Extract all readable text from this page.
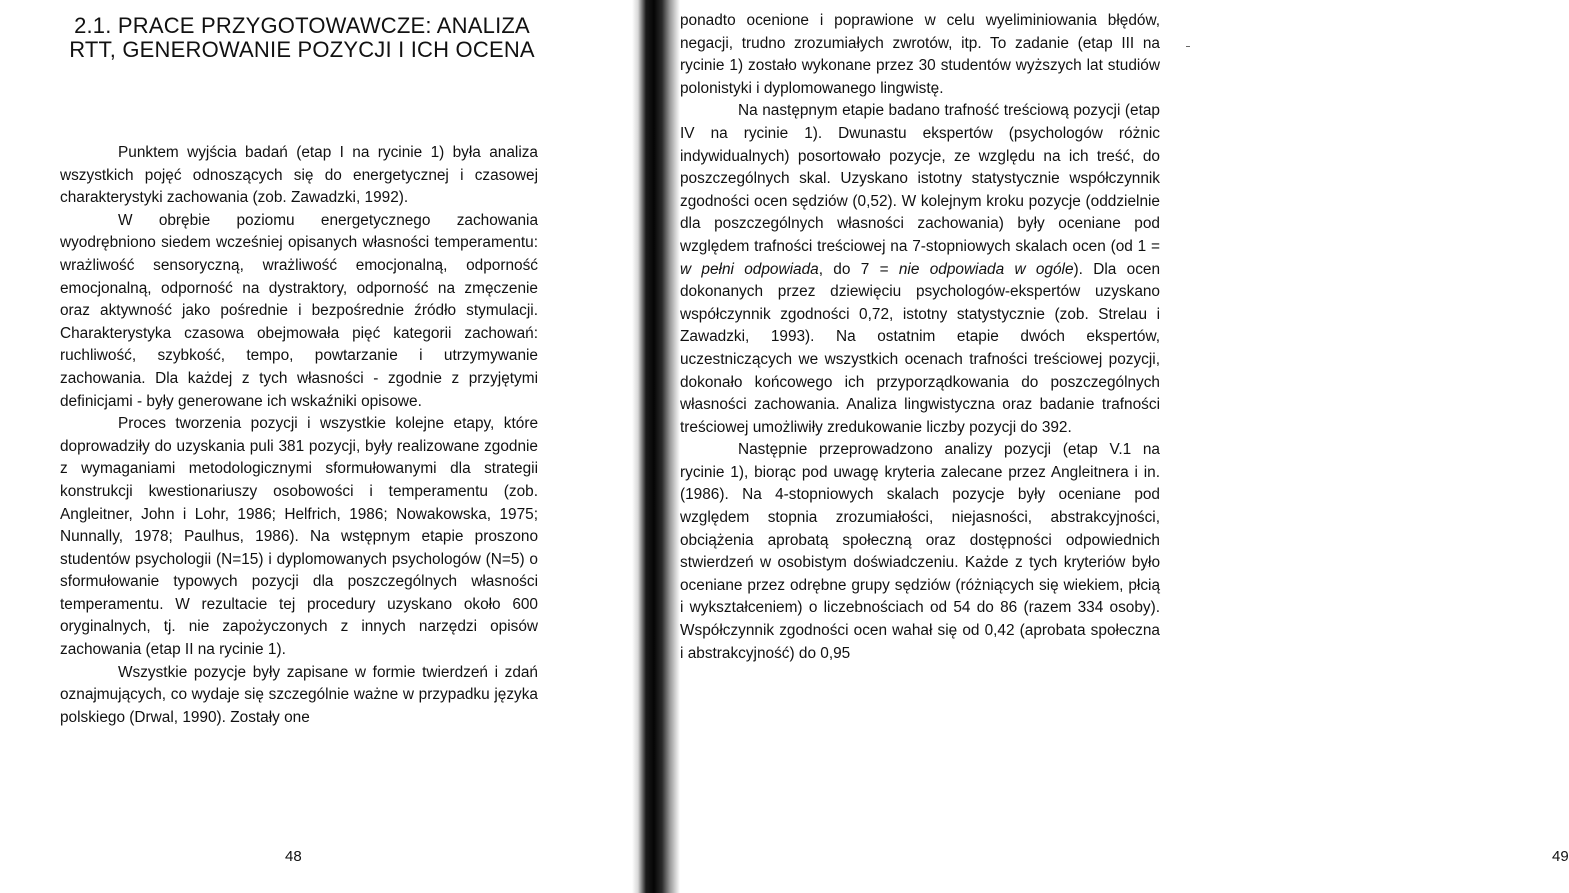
2.1. PRACE PRZYGOTOWAWCZE: ANALIZA RTT, GENEROWANIE POZYCJI I ICH OCENA

Punktem wyjścia badań (etap I na rycinie 1) była analiza wszystkich pojęć odnoszących się do energetycznej i czasowej charakterystyki zachowania (zob. Zawadzki, 1992).

W obrębie poziomu energetycznego zachowania wyodrębniono siedem wcześniej opisanych własności temperamentu: wrażliwość sensoryczną, wrażliwość emocjonalną, odporność emocjonalną, odporność na dystraktory, odporność na zmęczenie oraz aktywność jako pośrednie i bezpośrednie źródło stymulacji. Charakterystyka czasowa obejmowała pięć kategorii zachowań: ruchliwość, szybkość, tempo, powtarzanie i utrzymywanie zachowania. Dla każdej z tych własności - zgodnie z przyjętymi definicjami - były generowane ich wskaźniki opisowe.

Proces tworzenia pozycji i wszystkie kolejne etapy, które doprowadziły do uzyskania puli 381 pozycji, były realizowane zgodnie z wymaganiami metodologicznymi sformułowanymi dla strategii konstrukcji kwestionariuszy osobowości i temperamentu (zob. Angleitner, John i Lohr, 1986; Helfrich, 1986; Nowakowska, 1975; Nunnally, 1978; Paulhus, 1986). Na wstępnym etapie proszono studentów psychologii (N=15) i dyplomowanych psychologów (N=5) o sformułowanie typowych pozycji dla poszczególnych własności temperamentu. W rezultacie tej procedury uzyskano około 600 oryginalnych, tj. nie zapożyczonych z innych narzędzi opisów zachowania (etap II na rycinie 1).

Wszystkie pozycje były zapisane w formie twierdzeń i zdań oznajmujących, co wydaje się szczególnie ważne w przypadku języka polskiego (Drwal, 1990). Zostały one

48	49

ponadto ocenione i poprawione w celu wyeliminiowania błędów, negacji, trudno zrozumiałych zwrotów, itp. To zadanie (etap III na rycinie 1) zostało wykonane przez 30 studentów wyższych lat studiów polonistyki i dyplomowanego lingwistę.

Na następnym etapie badano trafność treściową pozycji (etap IV na rycinie 1). Dwunastu ekspertów (psychologów różnic indywidualnych) posortowało pozycje, ze względu na ich treść, do poszczególnych skal. Uzyskano istotny statystycznie współczynnik zgodności ocen sędziów (0,52). W kolejnym kroku pozycje (oddzielnie dla poszczególnych własności zachowania) były oceniane pod względem trafności treściowej na 7-stopniowych skalach ocen (od 1 = w pełni odpowiada, do 7 = nie odpowiada w ogóle). Dla ocen dokonanych przez dziewięciu psychologów-ekspertów uzyskano współczynnik zgodności 0,72, istotny statystycznie (zob. Strelau i Zawadzki, 1993). Na ostatnim etapie dwóch ekspertów, uczestniczących we wszystkich ocenach trafności treściowej pozycji, dokonało końcowego ich przyporządkowania do poszczególnych własności zachowania. Analiza lingwistyczna oraz badanie trafności treściowej umożliwiły zredukowanie liczby pozycji do 392.

Następnie przeprowadzono analizy pozycji (etap V.1 na rycinie 1), biorąc pod uwagę kryteria zalecane przez Angleitnera i in. (1986). Na 4-stopniowych skalach pozycje były oceniane pod względem stopnia zrozumiałości, niejasności, abstrakcyjności, obciążenia aprobatą społeczną oraz dostępności odpowiednich stwierdzeń w osobistym doświadczeniu. Każde z tych kryteriów było oceniane przez odrębne grupy sędziów (różniących się wiekiem, płcią i wykształceniem) o liczebnościach od 54 do 86 (razem 334 osoby). Współczynnik zgodności ocen wahał się od 0,42 (aprobata społeczna i abstrakcyjność) do 0,95
